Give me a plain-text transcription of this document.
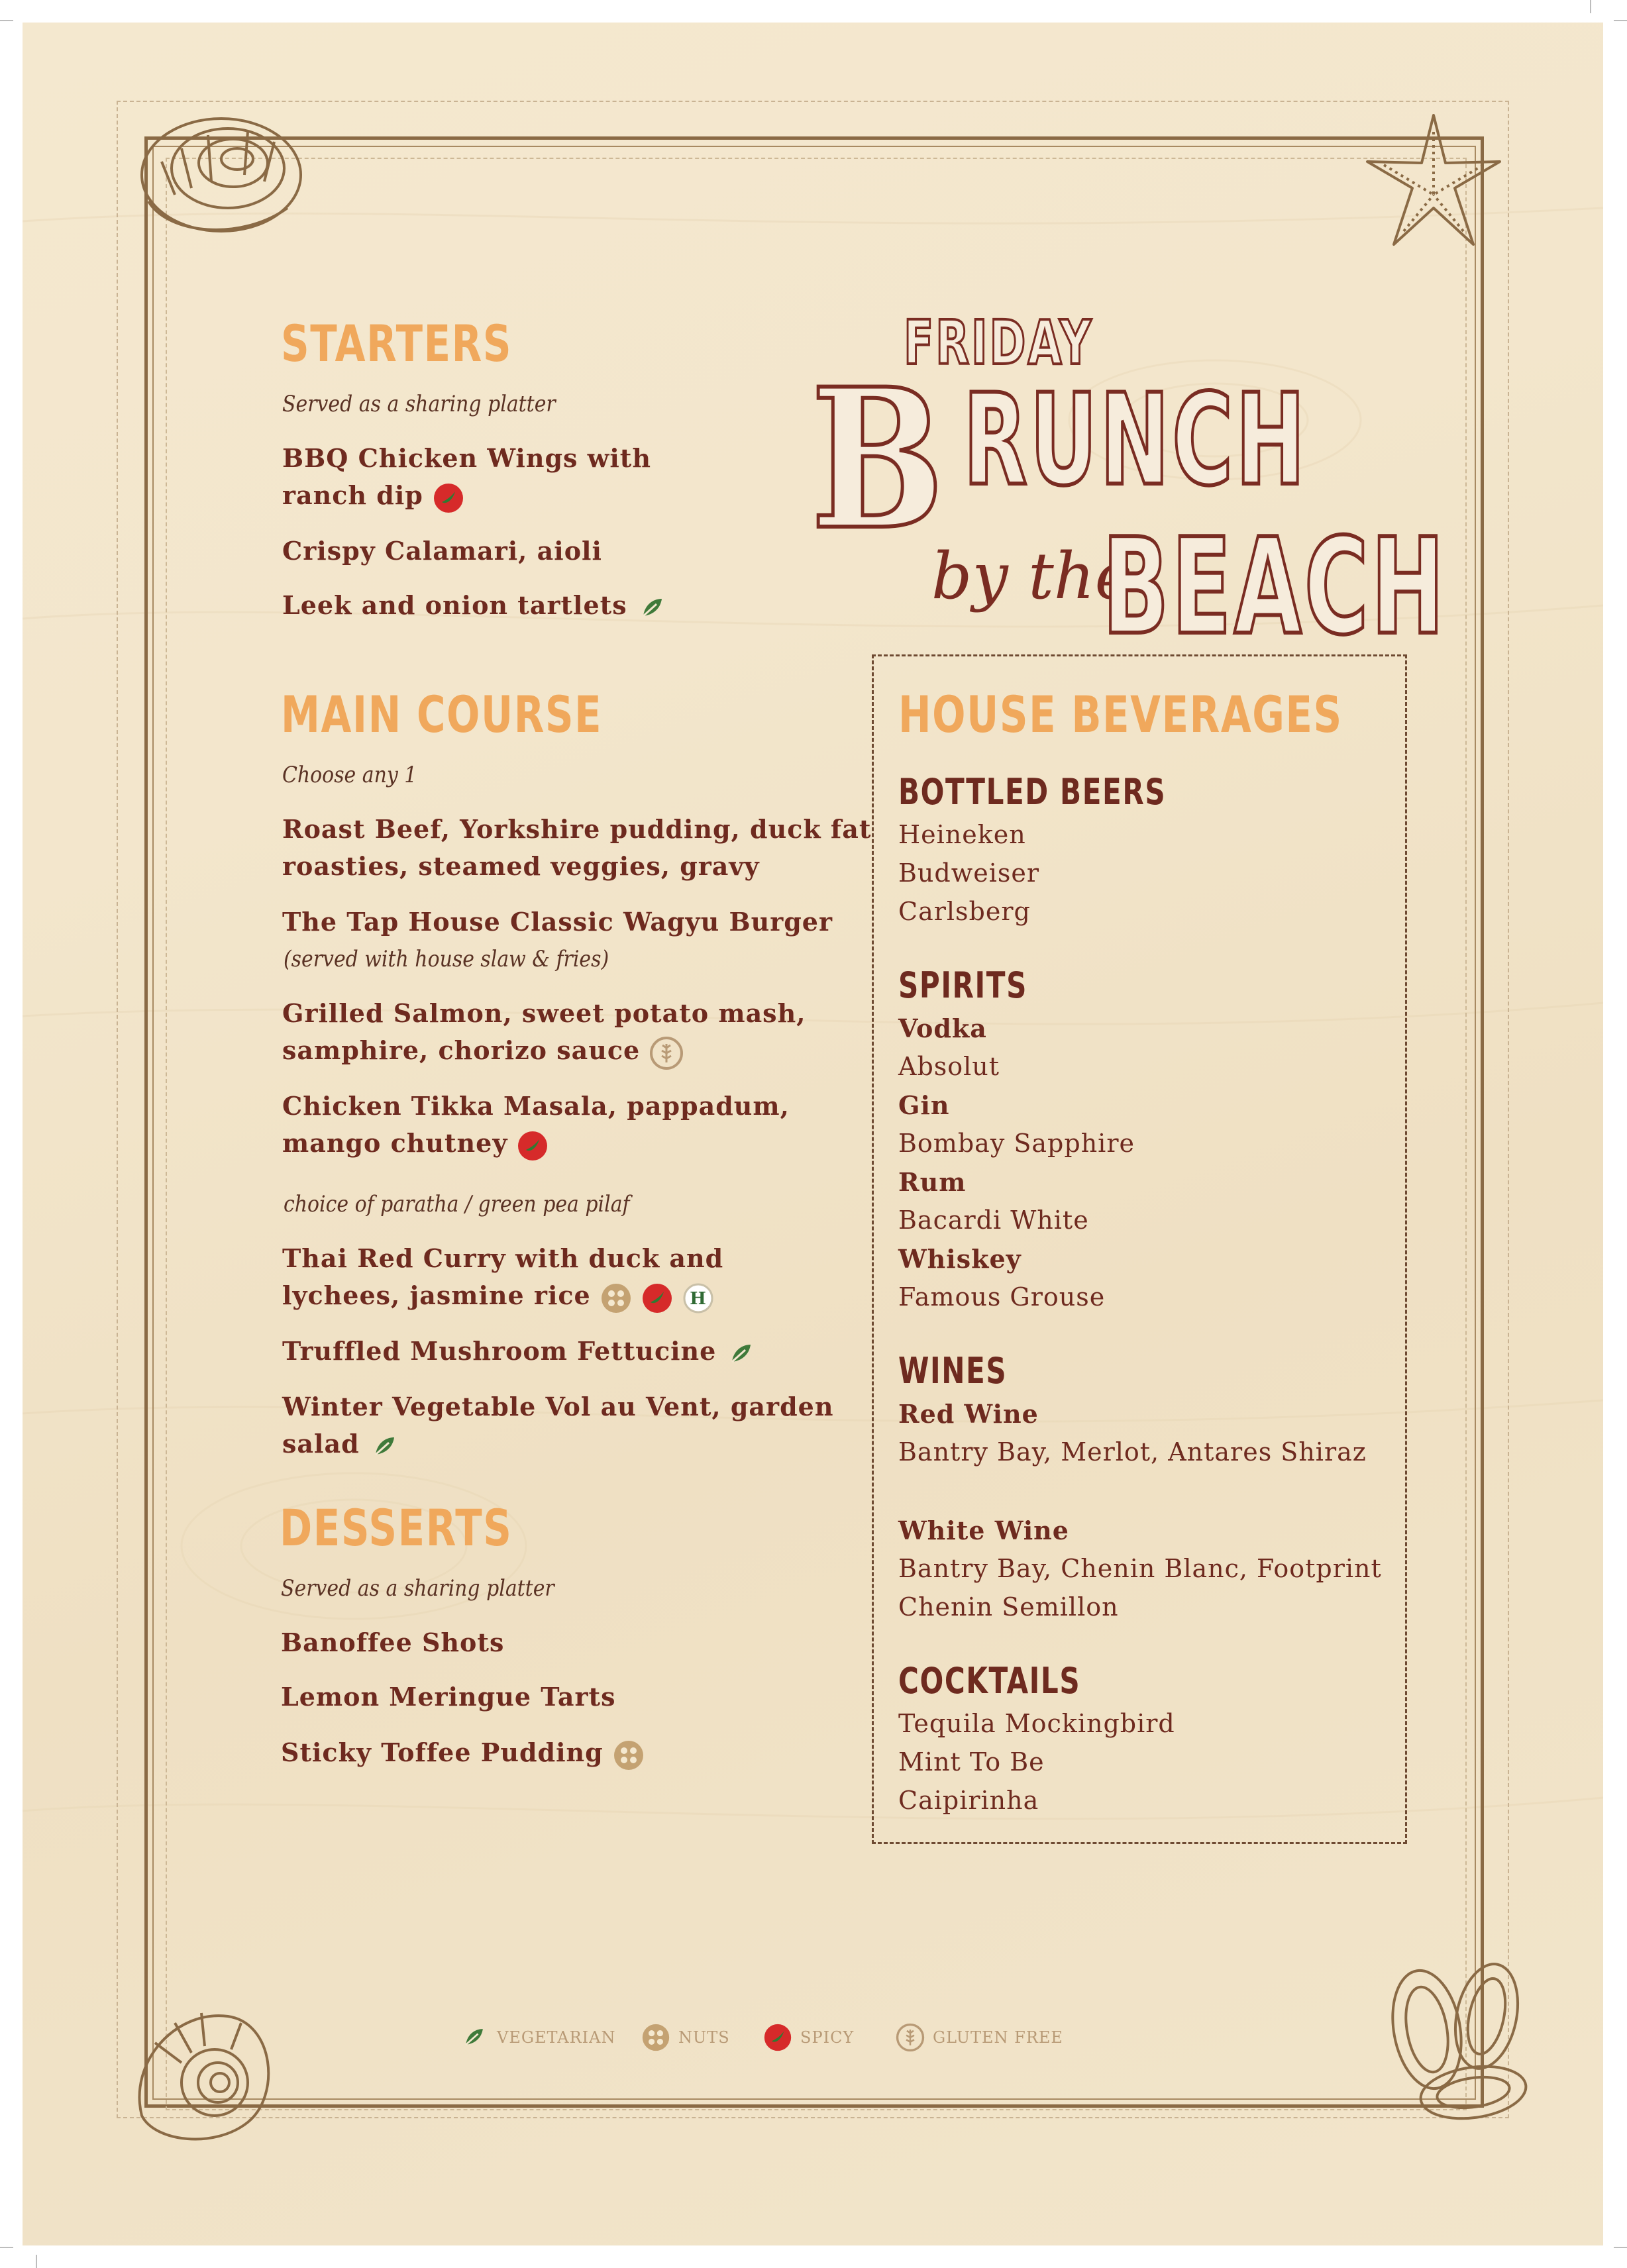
FRIDAY
B RUNCH
by the
BEACH
STARTERS
Served as a sharing platter
BBQ Chicken Wings with
ranch dip
Crispy Calamari, aioli
Leek and onion tartlets
MAIN COURSE
Choose any 1
Roast Beef, Yorkshire pudding, duck fat
roasties, steamed veggies, gravy
The Tap House Classic Wagyu Burger
(served with house slaw & fries)
Grilled Salmon, sweet potato mash,
samphire, chorizo sauce
Chicken Tikka Masala, pappadum,
mango chutney
choice of paratha / green pea pilaf
Thai Red Curry with duck and
lychees, jasmine rice	H
Truffled Mushroom Fettucine
Winter Vegetable Vol au Vent, garden
salad
DESSERTS
Served as a sharing platter
Banoffee Shots
Lemon Meringue Tarts
Sticky Toffee Pudding
HOUSE BEVERAGES
BOTTLED BEERS
Heineken
Budweiser
Carlsberg
SPIRITS
Vodka
Absolut
Gin
Bombay Sapphire
Rum
Bacardi White
Whiskey
Famous Grouse
WINES
Red Wine
Bantry Bay, Merlot, Antares Shiraz
White Wine
Bantry Bay, Chenin Blanc, Footprint
Chenin Semillon
COCKTAILS
Tequila Mockingbird
Mint To Be
Caipirinha
VEGETARIAN	NUTS	SPICY	GLUTEN FREE
